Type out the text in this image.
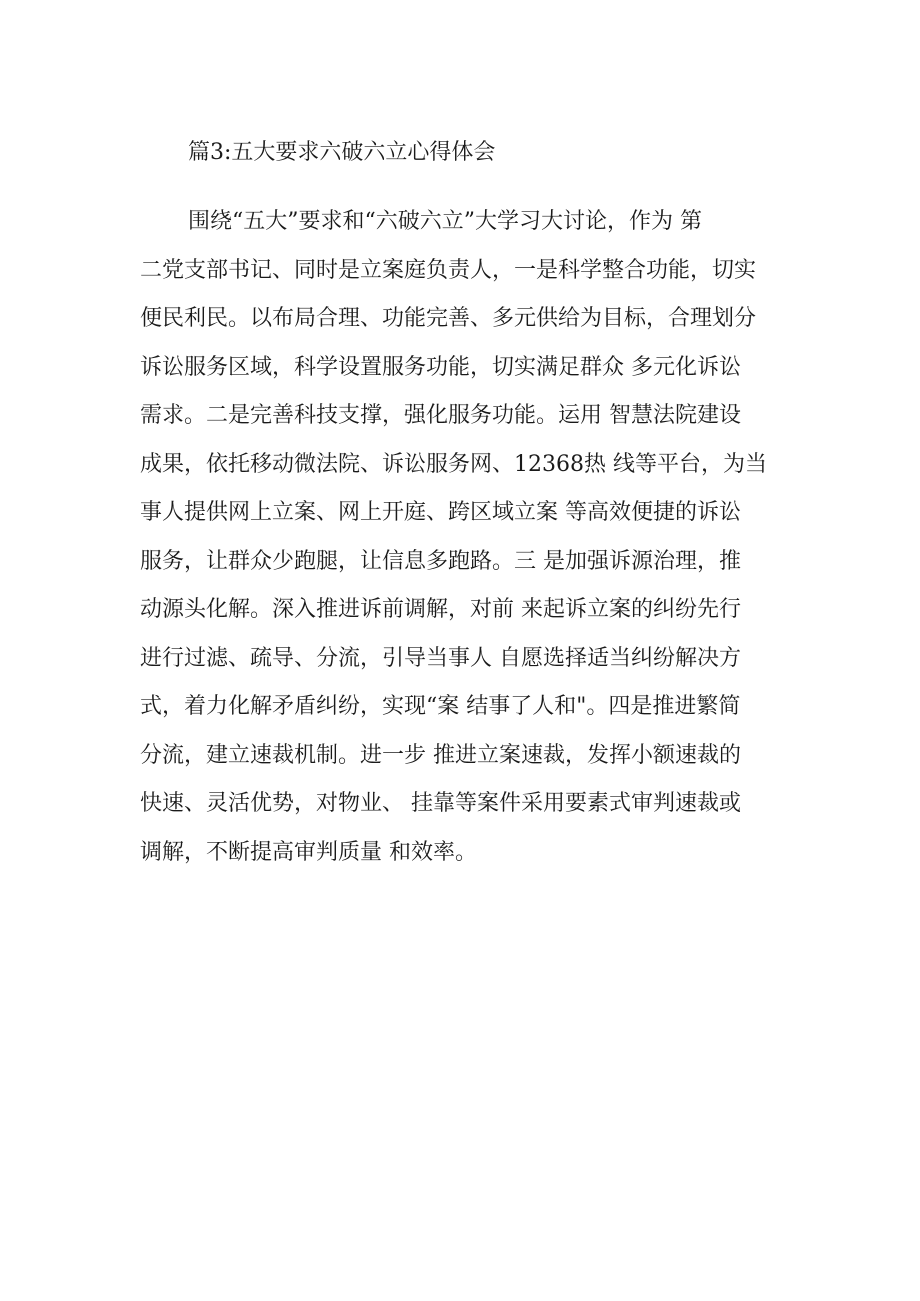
篇3:五大要求六破六立心得体会
围绕“五大”要求和“六破六立”大学习大讨论，作为 第
二党支部书记、同时是立案庭负责人，一是科学整合功能，切实
便民利民。以布局合理、功能完善、多元供给为目标，合理划分
诉讼服务区域，科学设置服务功能，切实满足群众 多元化诉讼
需求。二是完善科技支撑，强化服务功能。运用 智慧法院建设
成果，依托移动微法院、诉讼服务网、12368热 线等平台，为当
事人提供网上立案、网上开庭、跨区域立案 等高效便捷的诉讼
服务，让群众少跑腿，让信息多跑路。三 是加强诉源治理，推
动源头化解。深入推进诉前调解，对前 来起诉立案的纠纷先行
进行过滤、疏导、分流，引导当事人 自愿选择适当纠纷解决方
式，着力化解矛盾纠纷，实现“案 结事了人和"。四是推进繁简
分流，建立速裁机制。进一步 推进立案速裁，发挥小额速裁的
快速、灵活优势，对物业、 挂靠等案件采用要素式审判速裁或
调解，不断提高审判质量 和效率。
